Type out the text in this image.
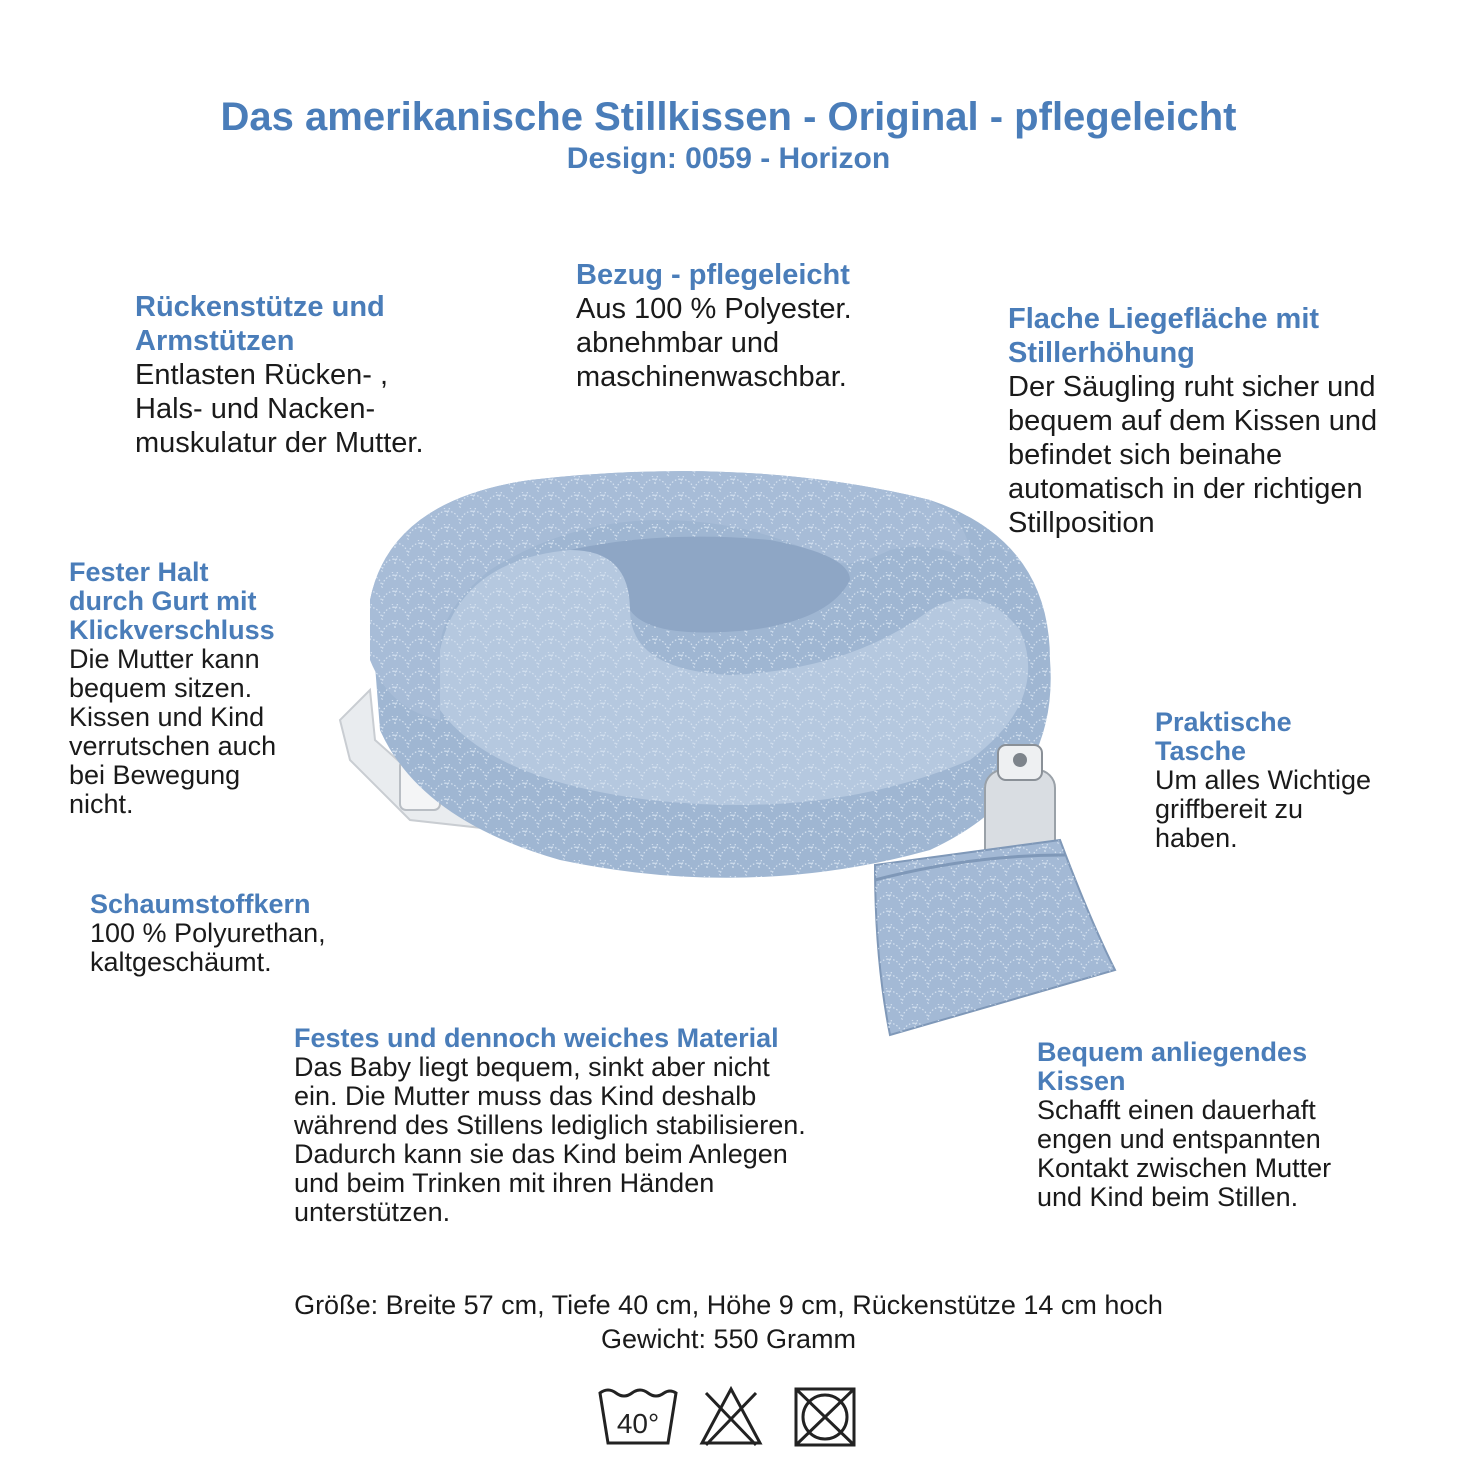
Das amerikanische Stillkissen - Original - pflegeleicht
Design: 0059 - Horizon
Rückenstütze und
Armstützen
Entlasten Rücken- ,
Hals- und Nacken-
muskulatur der Mutter.
Bezug - pflegeleicht
Aus 100 % Polyester.
abnehmbar und
maschinenwaschbar.
Flache Liegefläche mit
Stillerhöhung
Der Säugling ruht sicher und
bequem auf dem Kissen und
befindet sich beinahe
automatisch in der richtigen
Stillposition
Fester Halt
durch Gurt mit
Klickverschluss
Die Mutter kann
bequem sitzen.
Kissen und Kind
verrutschen auch
bei Bewegung
nicht.
Praktische
Tasche
Um alles Wichtige
griffbereit zu
haben.
Schaumstoffkern
100 % Polyurethan,
kaltgeschäumt.
Festes und dennoch weiches Material
Das Baby liegt bequem, sinkt aber nicht
ein. Die Mutter muss das Kind deshalb
während des Stillens lediglich stabilisieren.
Dadurch kann sie das Kind beim Anlegen
und beim Trinken mit ihren Händen
unterstützen.
Bequem anliegendes
Kissen
Schafft einen dauerhaft
engen und entspannten
Kontakt zwischen Mutter
und Kind beim Stillen.
Größe: Breite 57 cm, Tiefe 40 cm, Höhe 9 cm, Rückenstütze 14 cm hoch
Gewicht: 550 Gramm
40°
